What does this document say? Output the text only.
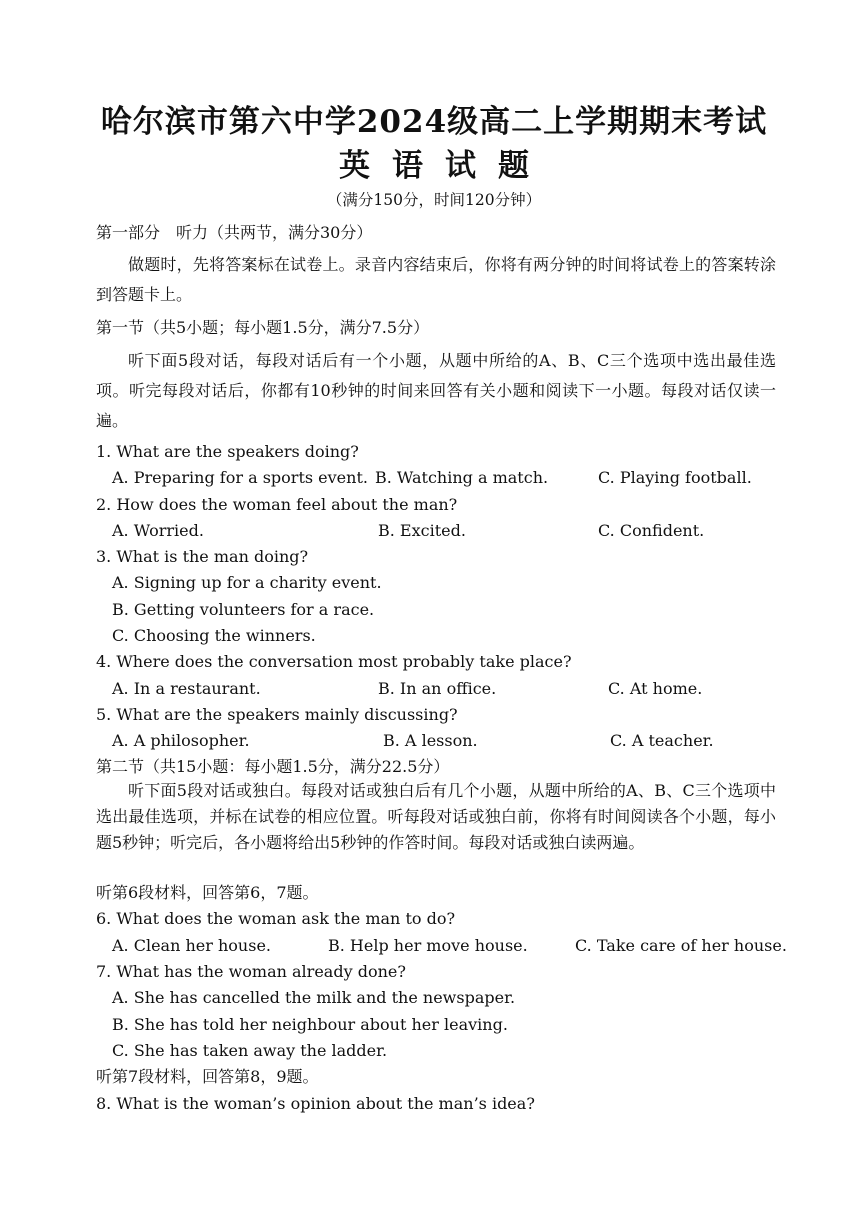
哈尔滨市第六中学2024级高二上学期期末考试
英语试题
（满分150分，时间120分钟）
第一部分　听力（共两节，满分30分）
做题时，先将答案标在试卷上。录音内容结束后，你将有两分钟的时间将试卷上的答案转涂到答题卡上。
第一节（共5小题；每小题1.5分，满分7.5分）
听下面5段对话，每段对话后有一个小题，从题中所给的A、B、C三个选项中选出最佳选项。听完每段对话后，你都有10秒钟的时间来回答有关小题和阅读下一小题。每段对话仅读一遍。
1. What are the speakers doing?
A. Preparing for a sports event. B. Watching a match.	C. Playing football.
2. How does the woman feel about the man?
A. Worried.	B. Excited.	C. Confident.
3. What is the man doing?
A. Signing up for a charity event.
B. Getting volunteers for a race.
C. Choosing the winners.
4. Where does the conversation most probably take place?
A. In a restaurant.	B. In an office.	C. At home.
5. What are the speakers mainly discussing?
A. A philosopher.	B. A lesson.	C. A teacher.
第二节（共15小题：每小题1.5分，满分22.5分）
听下面5段对话或独白。每段对话或独白后有几个小题，从题中所给的A、B、C三个选项中选出最佳选项，并标在试卷的相应位置。听每段对话或独白前，你将有时间阅读各个小题，每小题5秒钟；听完后，各小题将给出5秒钟的作答时间。每段对话或独白读两遍。
听第6段材料，回答第6，7题。
6. What does the woman ask the man to do?
A. Clean her house.	B. Help her move house.	C. Take care of her house.
7. What has the woman already done?
A. She has cancelled the milk and the newspaper.
B. She has told her neighbour about her leaving.
C. She has taken away the ladder.
听第7段材料，回答第8，9题。
8. What is the woman’s opinion about the man’s idea?
